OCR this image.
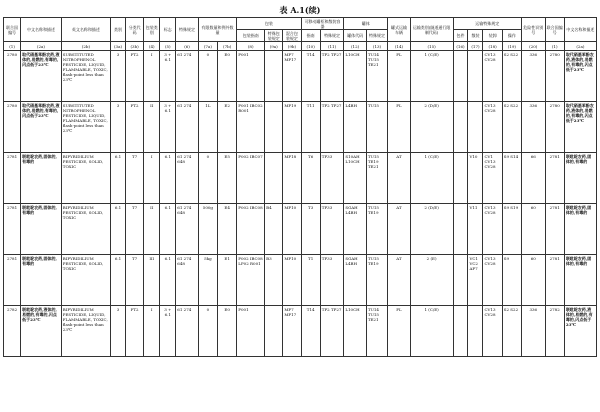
表 A.1(续)
联合国编号	中文名称和描述	英文名称和描述	类别	分类代码	包装类别	标志	特殊规定	有限数量和例外数量		包装			可移动罐柜和散装容器		罐体		罐式运输车辆	运输类别(隧道通行限制代码)	运输特殊规定				危险性识别号	联合国编号	中文名称和描述
										包装指南	特殊包装规定	混合包装规定	指南	特殊规定	罐体代码	特殊规定			包件	散装	装卸	操作			
(1)	(2a)	(2b)	(3a)	(3b)	(4)	(5)	(6)	(7a)	(7b)	(8)	(9a)	(9b)	(10)	(11)	(12)	(13)	(14)	(15)	(16)	(17)	(18)	(19)	(20)	(1)	(2a)
2780	取代硝基苯酚农药,液体的,易燃的,有毒的,闪点低于23℃	SUBSTITUTED NITROPHENOL PESTICIDE, LIQUID, FLAMMABLE, TOXIC, flash-point less than 23℃	3	FT2	I	3 + 6.1	61 274	0	E0	P001		MP7 MP17	T14	TP2 TP27	L10CH	TU14 TU15 TE21	FL	1 (C/E)			CV13 CV28	S2 S22	336	2780	取代硝基苯酚农药,液体的,易燃的,有毒的,闪点低于23℃
2780	取代硝基苯酚农药,液体的,易燃的,有毒的,闪点低于23℃	SUBSTITUTED NITROPHENOL PESTICIDE, LIQUID, FLAMMABLE, TOXIC, flash-point less than 23℃	3	FT2	II	3 + 6.1	61 274	1L	E2	P001 IBC02 R001		MP19	T11	TP2 TP27	L4BH	TU15	FL	2 (D/E)			CV13 CV28	S2 S22	336	2780	取代硝基苯酚农药,液体的,易燃的,有毒的,闪点低于23℃
2781	联吡啶农药,固体的,有毒的	BIPYRIDILIUM PESTICIDE, SOLID, TOXIC	6.1	T7	I	6.1	61 274 648	0	E5	P002 IBC07		MP18	T6	TP33	S10AH L10CH	TU15 TE19 TE21	AT	1 (C/E)		V10	CV1 CV13 CV28	S9 S14	66	2781	联吡啶农药,固体的,有毒的
2781	联吡啶农药,固体的,有毒的	BIPYRIDILIUM PESTICIDE, SOLID, TOXIC	6.1	T7	II	6.1	61 274 648	500g	E4	P002 IBC08	B4	MP10	T3	TP33	SGAH L4BH	TU15 TE19	AT	2 (D/E)		V11	CV13 CV28	S9 S19	60	2781	联吡啶农药,固体的,有毒的
2781	联吡啶农药,固体的,有毒的	BIPYRIDILIUM PESTICIDE, SOLID, TOXIC	6.1	T7	III	6.1	61 274 648	5kg	E1	P002 IBC08 LP02 R001	B3	MP10	T1	TP33	SGAH L4BH	TU15 TE19	AT	2 (E)		VC1 VC2 AP7	CV13 CV28	S9	60	2781	联吡啶农药,固体的,有毒的
2782	联吡啶农药,液体的,易燃的,有毒的,闪点低于23℃	BIPYRIDILIUM PESTICIDE, LIQUID, FLAMMABLE, TOXIC, flash-point less than 23℃	3	FT2	I	3 + 6.1	61 274	0	E0	P001		MP7 MP17	T14	TP2 TP27	L10CH	TU14 TU15 TE21	FL	1 (C/E)			CV13 CV28	S2 S22	336	2782	联吡啶农药,液体的,易燃的,有毒的,闪点低于23℃
